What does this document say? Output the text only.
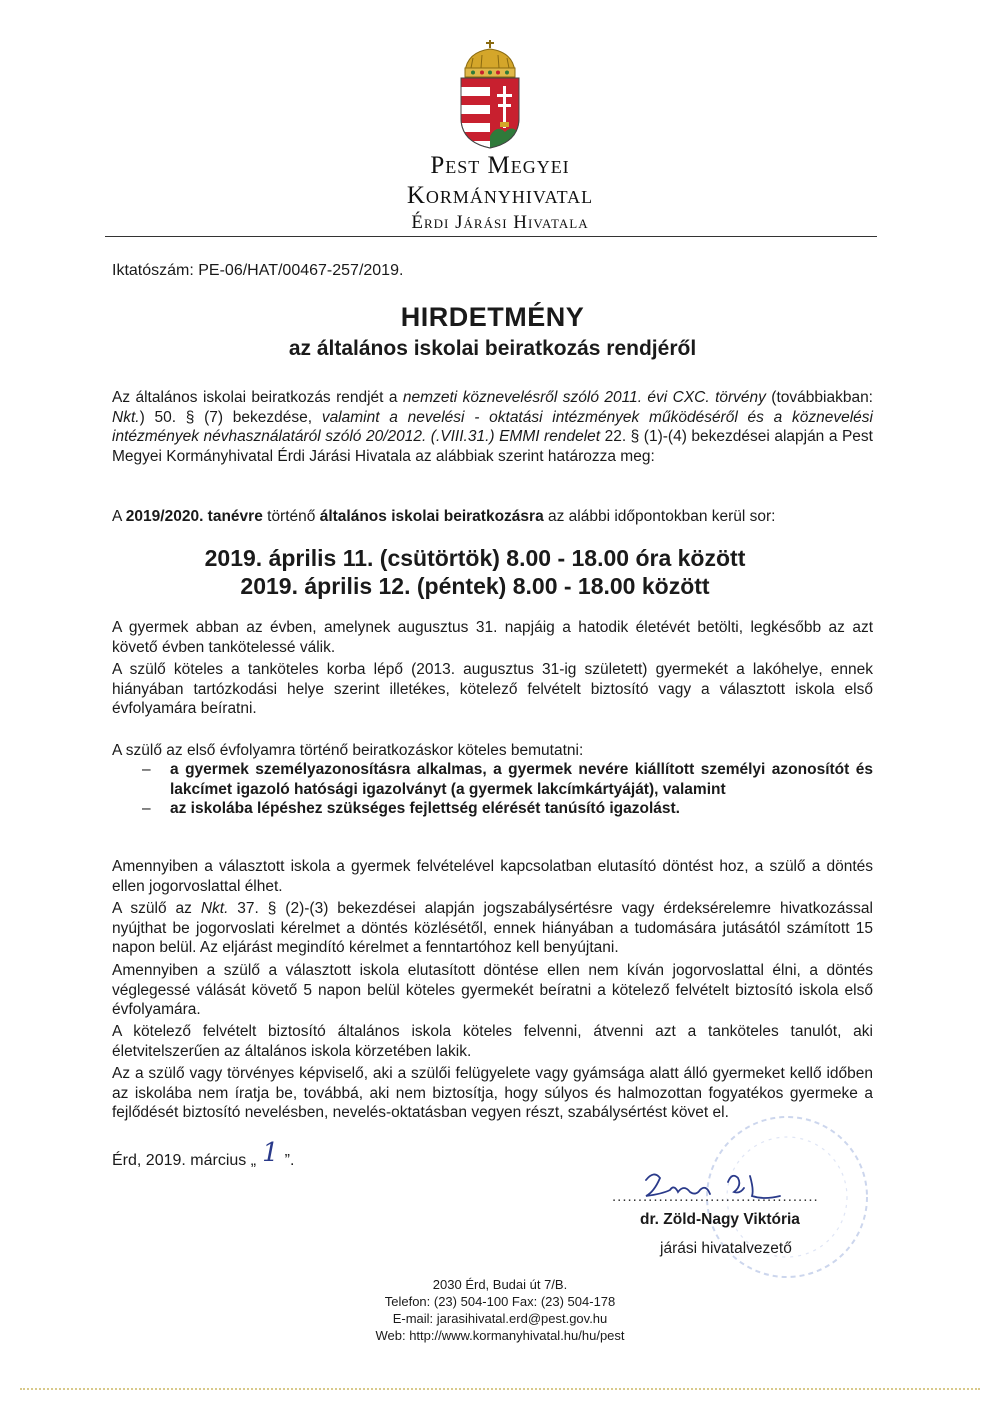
Pest Megyei
Kormányhivatal
Érdi Járási Hivatala
Iktatószám: PE-06/HAT/00467-257/2019.
HIRDETMÉNY
az általános iskolai beiratkozás rendjéről
Az általános iskolai beiratkozás rendjét a nemzeti köznevelésről szóló 2011. évi CXC. törvény (továbbiakban: Nkt.) 50. § (7) bekezdése, valamint a nevelési - oktatási intézmények működéséről és a köznevelési intézmények névhasználatáról szóló 20/2012. (.VIII.31.) EMMI rendelet 22. § (1)-(4) bekezdései alapján a Pest Megyei Kormányhivatal Érdi Járási Hivatala az alábbiak szerint határozza meg:
A 2019/2020. tanévre történő általános iskolai beiratkozásra az alábbi időpontokban kerül sor:
2019. április 11. (csütörtök) 8.00 - 18.00 óra között
2019. április 12. (péntek) 8.00 - 18.00 között
A gyermek abban az évben, amelynek augusztus 31. napjáig a hatodik életévét betölti, legkésőbb az azt követő évben tankötelessé válik.
A szülő köteles a tanköteles korba lépő (2013. augusztus 31-ig született) gyermekét a lakóhelye, ennek hiányában tartózkodási helye szerint illetékes, kötelező felvételt biztosító vagy a választott iskola első évfolyamára beíratni.
A szülő az első évfolyamra történő beiratkozáskor köteles bemutatni:
– a gyermek személyazonosításra alkalmas, a gyermek nevére kiállított személyi azonosítót és lakcímet igazoló hatósági igazolványt (a gyermek lakcímkártyáját), valamint
– az iskolába lépéshez szükséges fejlettség elérését tanúsító igazolást.
Amennyiben a választott iskola a gyermek felvételével kapcsolatban elutasító döntést hoz, a szülő a döntés ellen jogorvoslattal élhet.
A szülő az Nkt. 37. § (2)-(3) bekezdései alapján jogszabálysértésre vagy érdeksérelemre hivatkozással nyújthat be jogorvoslati kérelmet a döntés közlésétől, ennek hiányában a tudomására jutásától számított 15 napon belül. Az eljárást megindító kérelmet a fenntartóhoz kell benyújtani.
Amennyiben a szülő a választott iskola elutasított döntése ellen nem kíván jogorvoslattal élni, a döntés véglegessé válását követő 5 napon belül köteles gyermekét beíratni a kötelező felvételt biztosító iskola első évfolyamára.
A kötelező felvételt biztosító általános iskola köteles felvenni, átvenni azt a tanköteles tanulót, aki életvitelszerűen az általános iskola körzetében lakik.
Az a szülő vagy törvényes képviselő, aki a szülői felügyelete vagy gyámsága alatt álló gyermeket kellő időben az iskolába nem íratja be, továbbá, aki nem biztosítja, hogy súlyos és halmozottan fogyatékos gyermeke a fejlődését biztosító nevelésben, nevelés-oktatásban vegyen részt, szabálysértést követ el.
Érd, 2019. március „ 1 ”.
........................................
dr. Zöld-Nagy Viktória
járási hivatalvezető
2030 Érd, Budai út 7/B.
Telefon: (23) 504-100 Fax: (23) 504-178
E-mail: jarasihivatal.erd@pest.gov.hu
Web: http://www.kormanyhivatal.hu/hu/pest
